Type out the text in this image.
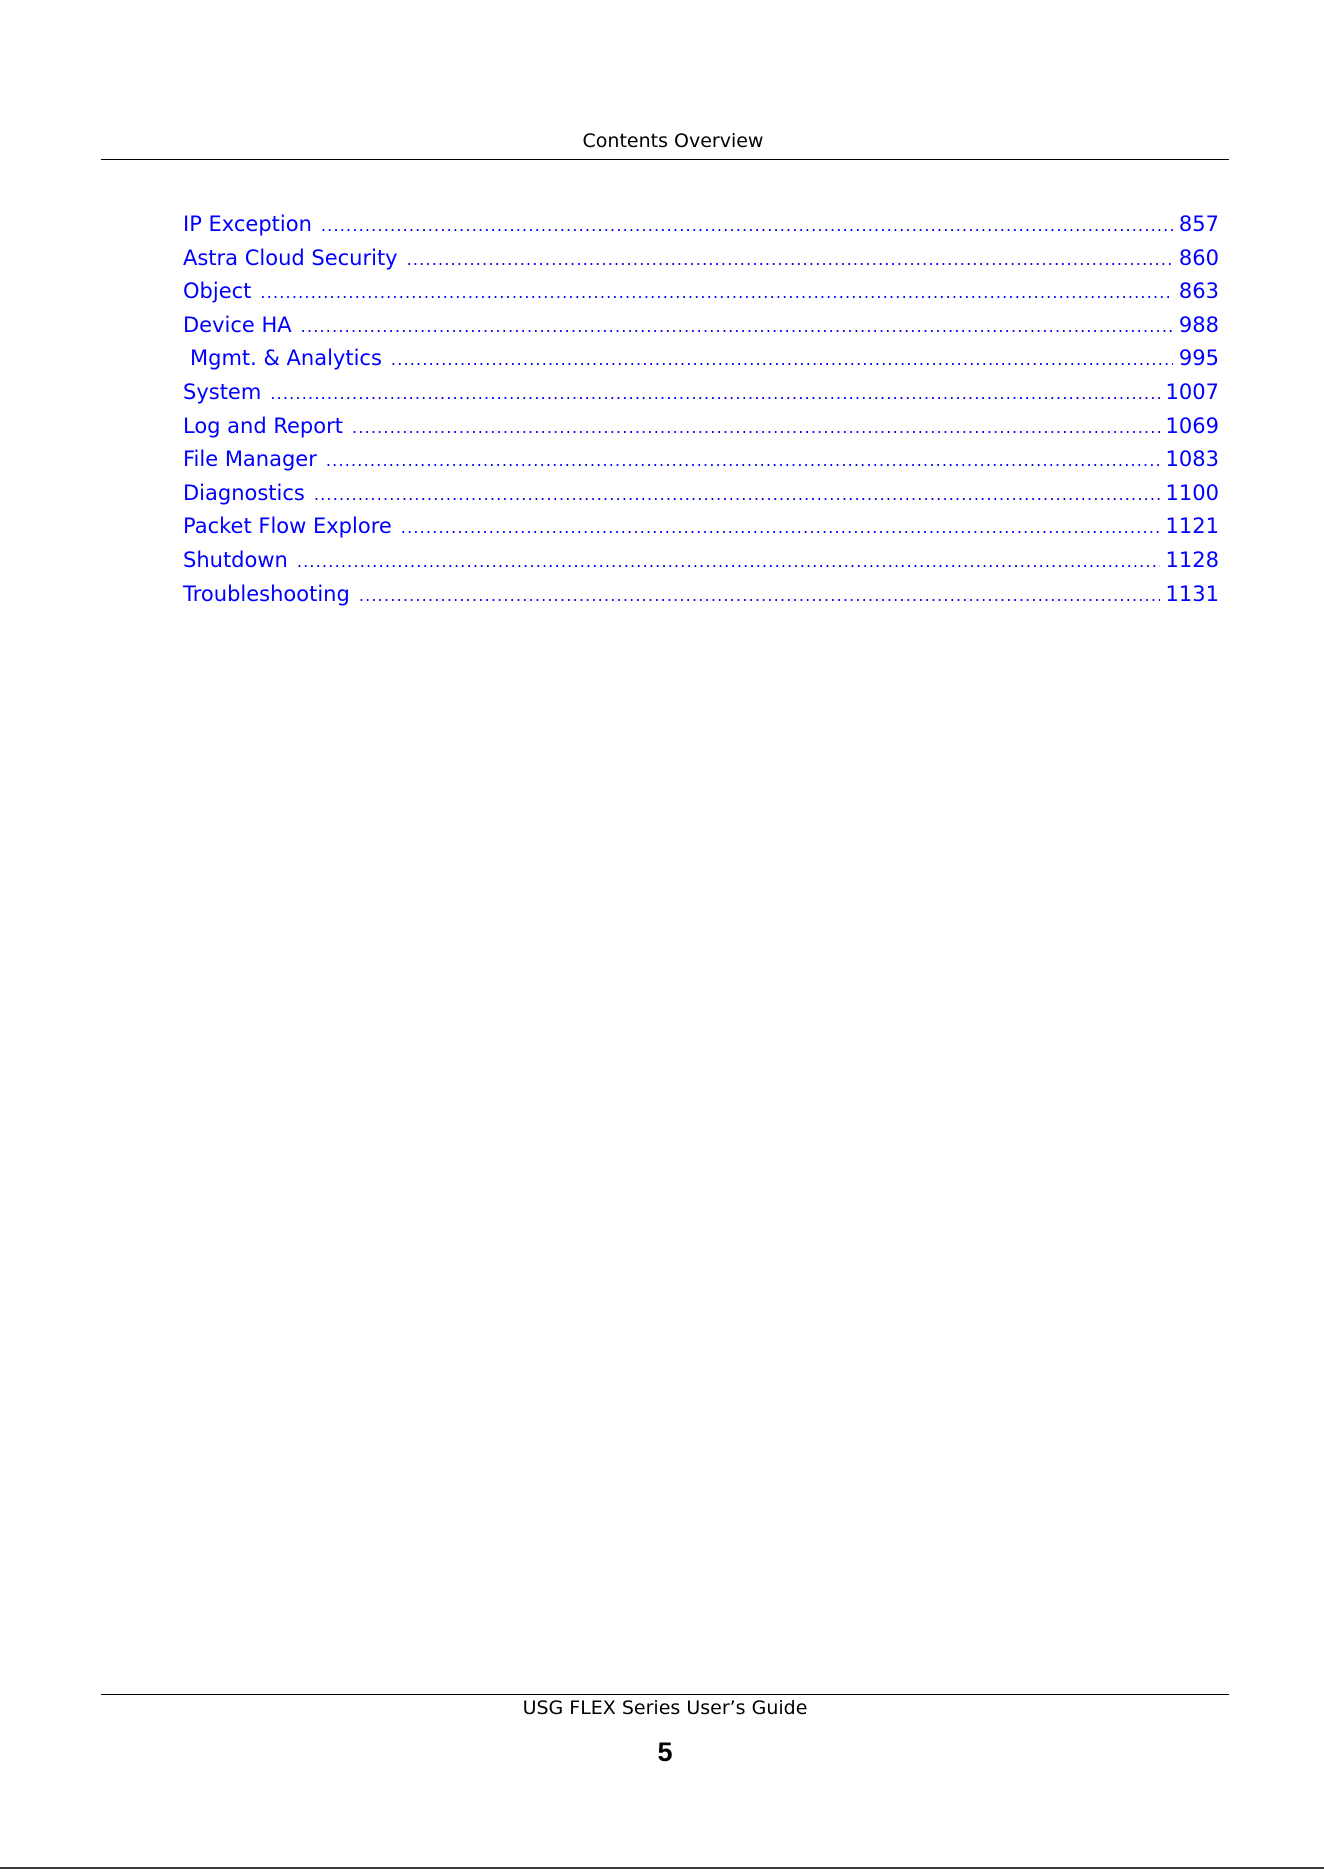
Contents Overview
IP Exception .....	857
Astra Cloud Security .....	860
Object .....	863
Device HA .....	988
Mgmt. & Analytics .....	995
System .....	1007
Log and Report .....	1069
File Manager .....	1083
Diagnostics .....	1100
Packet Flow Explore .....	1121
Shutdown .....	1128
Troubleshooting .....	1131
USG FLEX Series User’s Guide
5
